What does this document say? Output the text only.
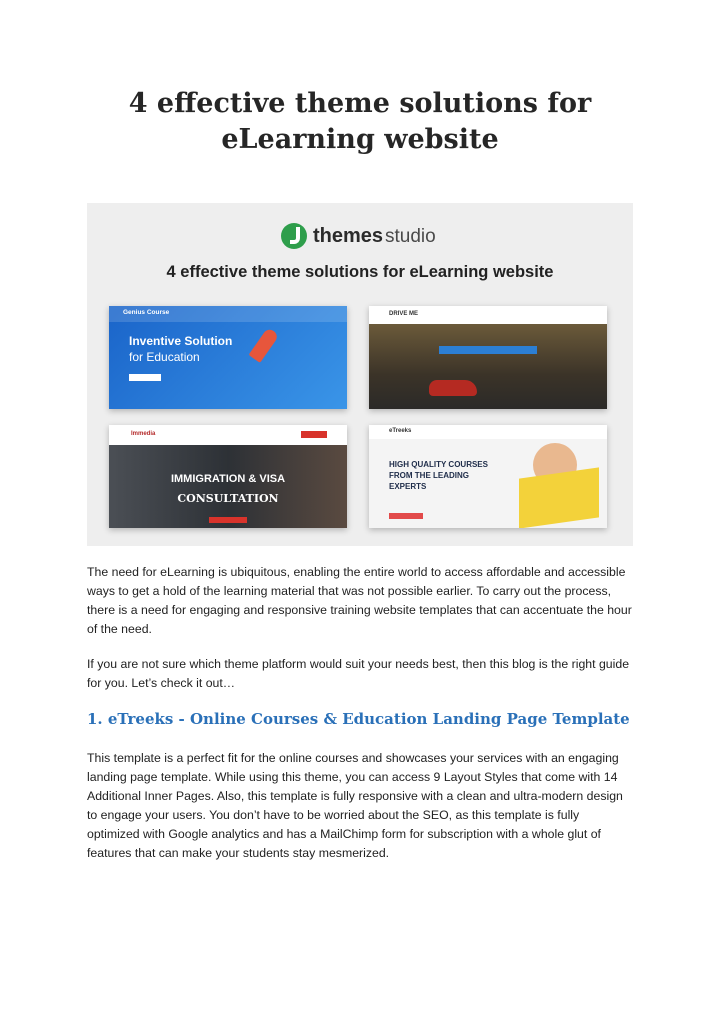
4 effective theme solutions for eLearning website
themes studio
4 effective theme solutions for eLearning website
Genius Course
Inventive Solution
for Education
DRIVE ME
Immedia
IMMIGRATION & VISA
CONSULTATION
eTreeks
HIGH QUALITY COURSES FROM THE LEADING EXPERTS

The need for eLearning is ubiquitous, enabling the entire world to access affordable and accessible ways to get a hold of the learning material that was not possible earlier. To carry out the process, there is a need for engaging and responsive training website templates that can accentuate the hour of the need.

If you are not sure which theme platform would suit your needs best, then this blog is the right guide for you. Let’s check it out…

1. eTreeks - Online Courses & Education Landing Page Template

This template is a perfect fit for the online courses and showcases your services with an engaging landing page template. While using this theme, you can access 9 Layout Styles that come with 14 Additional Inner Pages. Also, this template is fully responsive with a clean and ultra-modern design to engage your users. You don’t have to be worried about the SEO, as this template is fully optimized with Google analytics and has a MailChimp form for subscription with a whole glut of features that can make your students stay mesmerized.
